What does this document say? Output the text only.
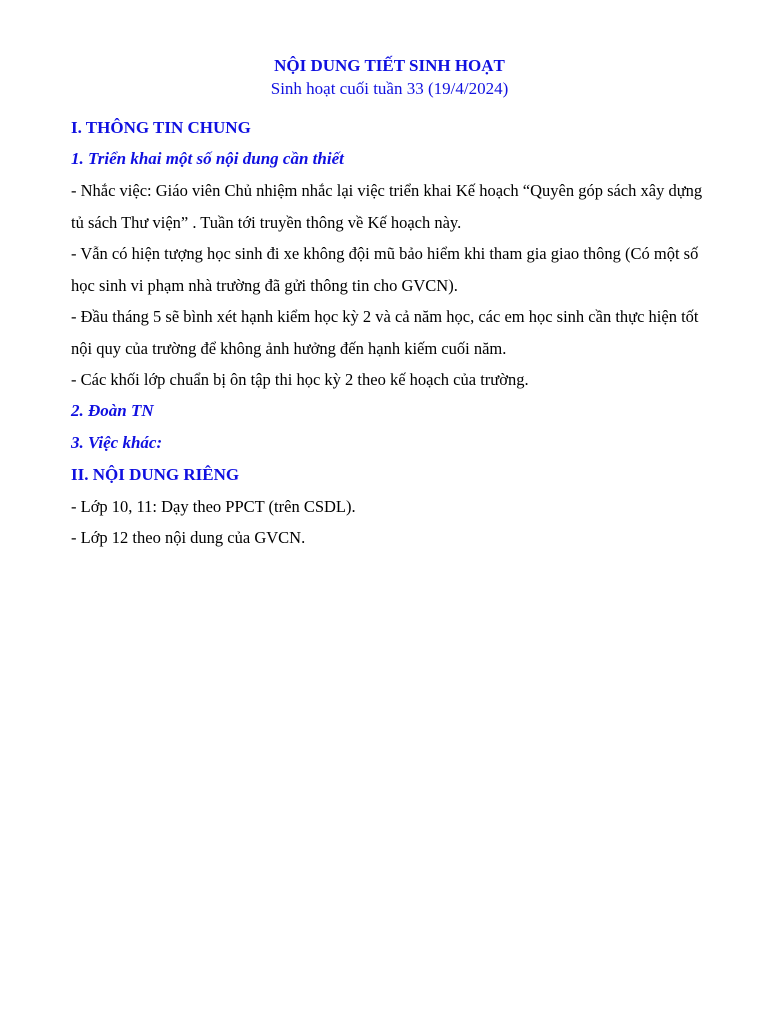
NỘI DUNG TIẾT SINH HOẠT

Sinh hoạt cuối tuần 33 (19/4/2024)

I. THÔNG TIN CHUNG

1. Triển khai một số nội dung cần thiết

- Nhắc việc: Giáo viên Chủ nhiệm nhắc lại việc triển khai Kế hoạch “Quyên góp sách xây dựng tủ sách Thư viện” . Tuần tới truyền thông về Kế hoạch này.

- Vẫn có hiện tượng học sinh đi xe không đội mũ bảo hiểm khi tham gia giao thông (Có một số học sinh vi phạm nhà trường đã gửi thông tin cho GVCN).

- Đầu tháng 5 sẽ bình xét hạnh kiểm học kỳ 2 và cả năm học, các em học sinh cần thực hiện tốt nội quy của trường để không ảnh hưởng đến hạnh kiếm cuối năm.

- Các khối lớp chuẩn bị ôn tập thi học kỳ 2 theo kế hoạch của trường.

2. Đoàn TN

3. Việc khác:

II. NỘI DUNG RIÊNG

- Lớp 10, 11: Dạy theo PPCT (trên CSDL).

- Lớp 12 theo nội dung của GVCN.
